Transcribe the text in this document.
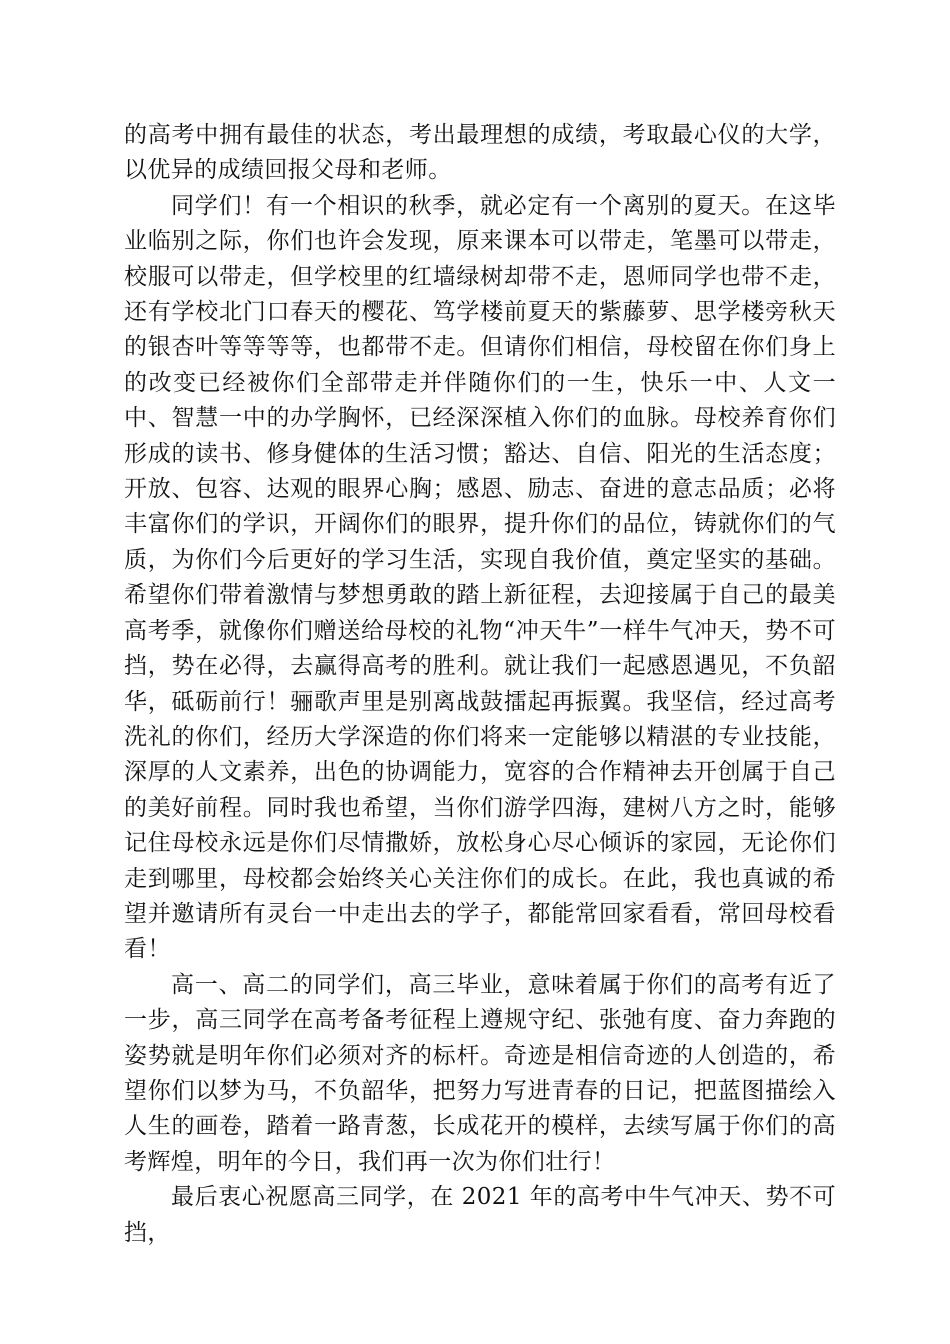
的高考中拥有最佳的状态，考出最理想的成绩，考取最心仪的大学，以优异的成绩回报父母和老师。

同学们！有一个相识的秋季，就必定有一个离别的夏天。在这毕业临别之际，你们也许会发现，原来课本可以带走，笔墨可以带走，校服可以带走，但学校里的红墙绿树却带不走，恩师同学也带不走，还有学校北门口春天的樱花、笃学楼前夏天的紫藤萝、思学楼旁秋天的银杏叶等等等等，也都带不走。但请你们相信，母校留在你们身上的改变已经被你们全部带走并伴随你们的一生，快乐一中、人文一中、智慧一中的办学胸怀，已经深深植入你们的血脉。母校养育你们形成的读书、修身健体的生活习惯；豁达、自信、阳光的生活态度；开放、包容、达观的眼界心胸；感恩、励志、奋进的意志品质；必将丰富你们的学识，开阔你们的眼界，提升你们的品位，铸就你们的气质，为你们今后更好的学习生活，实现自我价值，奠定坚实的基础。希望你们带着激情与梦想勇敢的踏上新征程，去迎接属于自己的最美高考季，就像你们赠送给母校的礼物“冲天牛”一样牛气冲天，势不可挡，势在必得，去赢得高考的胜利。就让我们一起感恩遇见，不负韶华，砥砺前行！骊歌声里是别离战鼓擂起再振翼。我坚信，经过高考洗礼的你们，经历大学深造的你们将来一定能够以精湛的专业技能，深厚的人文素养，出色的协调能力，宽容的合作精神去开创属于自己的美好前程。同时我也希望，当你们游学四海，建树八方之时，能够记住母校永远是你们尽情撒娇，放松身心尽心倾诉的家园，无论你们走到哪里，母校都会始终关心关注你们的成长。在此，我也真诚的希望并邀请所有灵台一中走出去的学子，都能常回家看看，常回母校看看！

高一、高二的同学们，高三毕业，意味着属于你们的高考有近了一步，高三同学在高考备考征程上遵规守纪、张弛有度、奋力奔跑的姿势就是明年你们必须对齐的标杆。奇迹是相信奇迹的人创造的，希望你们以梦为马，不负韶华，把努力写进青春的日记，把蓝图描绘入人生的画卷，踏着一路青葱，长成花开的模样，去续写属于你们的高考辉煌，明年的今日，我们再一次为你们壮行！

最后衷心祝愿高三同学，在 2021 年的高考中牛气冲天、势不可挡，
